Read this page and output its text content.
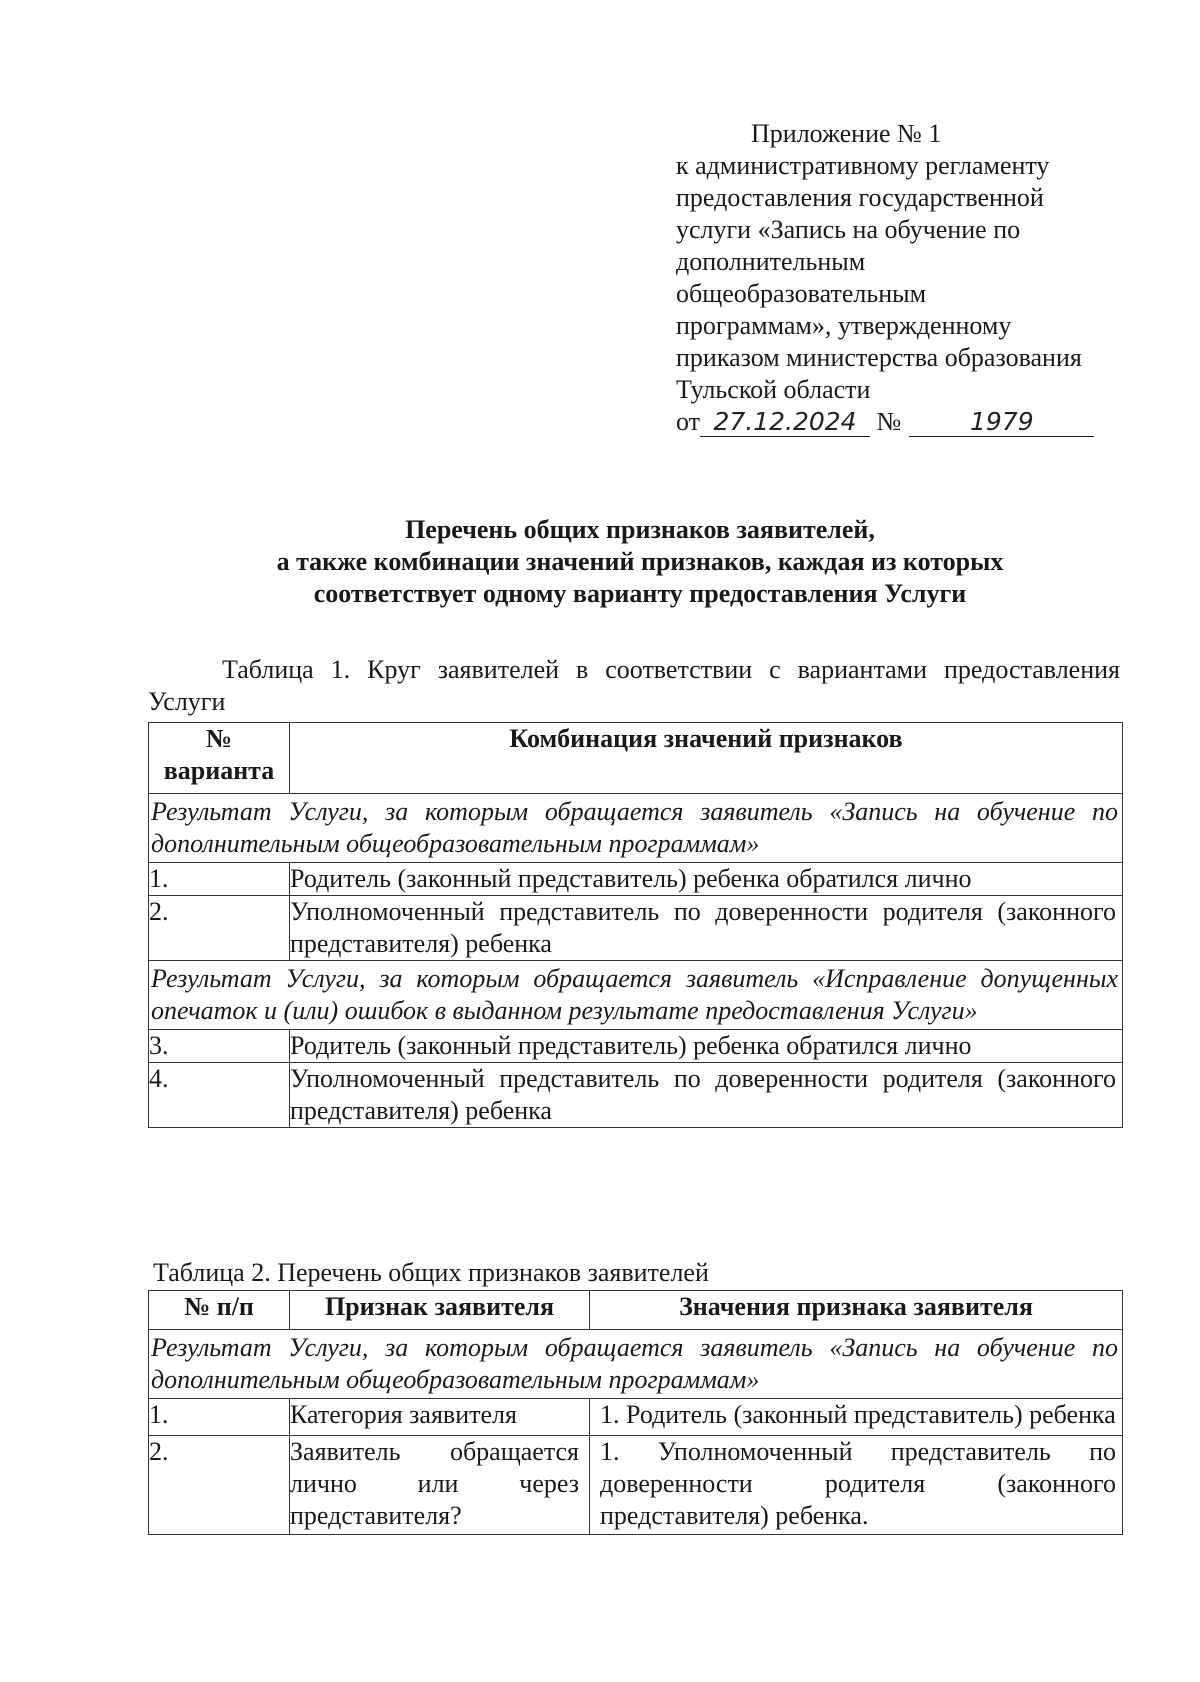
Приложение № 1
к административному регламенту
предоставления государственной
услуги «Запись на обучение по
дополнительным
общеобразовательным
программам», утвержденному
приказом министерства образования
Тульской области
от 27.12.2024 №	1979
Перечень общих признаков заявителей,
а также комбинации значений признаков, каждая из которых
соответствует одному варианту предоставления Услуги
Таблица 1. Круг заявителей в соответствии с вариантами предоставления Услуги
№ варианта	Комбинация значений признаков
Результат Услуги, за которым обращается заявитель «Запись на обучение по дополнительным общеобразовательным программам»	
1.	Родитель (законный представитель) ребенка обратился лично
2.	Уполномоченный представитель по доверенности родителя (законного представителя) ребенка
Результат Услуги, за которым обращается заявитель «Исправление допущенных опечаток и (или) ошибок в выданном результате предоставления Услуги»	
3.	Родитель (законный представитель) ребенка обратился лично
4.	Уполномоченный представитель по доверенности родителя (законного представителя) ребенка
Таблица 2. Перечень общих признаков заявителей
№ п/п	Признак заявителя	Значения признака заявителя
Результат Услуги, за которым обращается заявитель «Запись на обучение по дополнительным общеобразовательным программам»		
1.	Категория заявителя	1. Родитель (законный представитель) ребенка
2.	Заявитель обращается лично или через представителя?	1. Уполномоченный представитель по доверенности родителя (законного представителя) ребенка.
